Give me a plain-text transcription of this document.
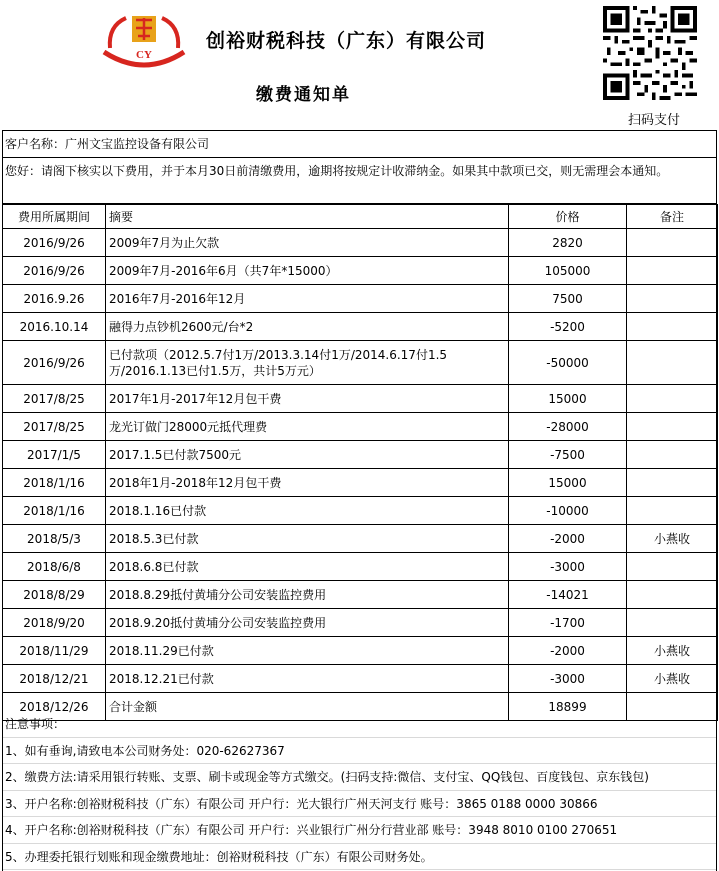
CY
创裕财税科技（广东）有限公司
缴费通知单
扫码支付
客户名称：广州文宝监控设备有限公司
您好：请阁下核实以下费用，并于本月30日前清缴费用，逾期将按规定计收滞纳金。如果其中款项已交，则无需理会本通知。
费用所属期间	摘要	价格	备注
2016/9/26	2009年7月为止欠款	2820	
2016/9/26	2009年7月-2016年6月（共7年*15000）	105000	
2016.9.26	2016年7月-2016年12月	7500	
2016.10.14	融得力点钞机2600元/台*2	-5200	
2016/9/26	已付款项（2012.5.7付1万/2013.3.14付1万/2014.6.17付1.5万/2016.1.13已付1.5万，共计5万元）	-50000	
2017/8/25	2017年1月-2017年12月包干费	15000	
2017/8/25	龙光订做门28000元抵代理费	-28000	
2017/1/5	2017.1.5已付款7500元	-7500	
2018/1/16	2018年1月-2018年12月包干费	15000	
2018/1/16	2018.1.16已付款	-10000	
2018/5/3	2018.5.3已付款	-2000	小燕收
2018/6/8	2018.6.8已付款	-3000	
2018/8/29	2018.8.29抵付黄埔分公司安装监控费用	-14021	
2018/9/20	2018.9.20抵付黄埔分公司安装监控费用	-1700	
2018/11/29	2018.11.29已付款	-2000	小燕收
2018/12/21	2018.12.21已付款	-3000	小燕收
2018/12/26	合计金额	18899	
注意事项：
1、如有垂询,请致电本公司财务处：020-62627367
2、缴费方法:请采用银行转账、支票、刷卡或现金等方式缴交。(扫码支持:微信、支付宝、QQ钱包、百度钱包、京东钱包)
3、开户名称:创裕财税科技（广东）有限公司 开户行：光大银行广州天河支行 账号：3865 0188 0000 30866
4、开户名称:创裕财税科技（广东）有限公司 开户行：兴业银行广州分行营业部 账号：3948 8010 0100 270651
5、办理委托银行划账和现金缴费地址：创裕财税科技（广东）有限公司财务处。
